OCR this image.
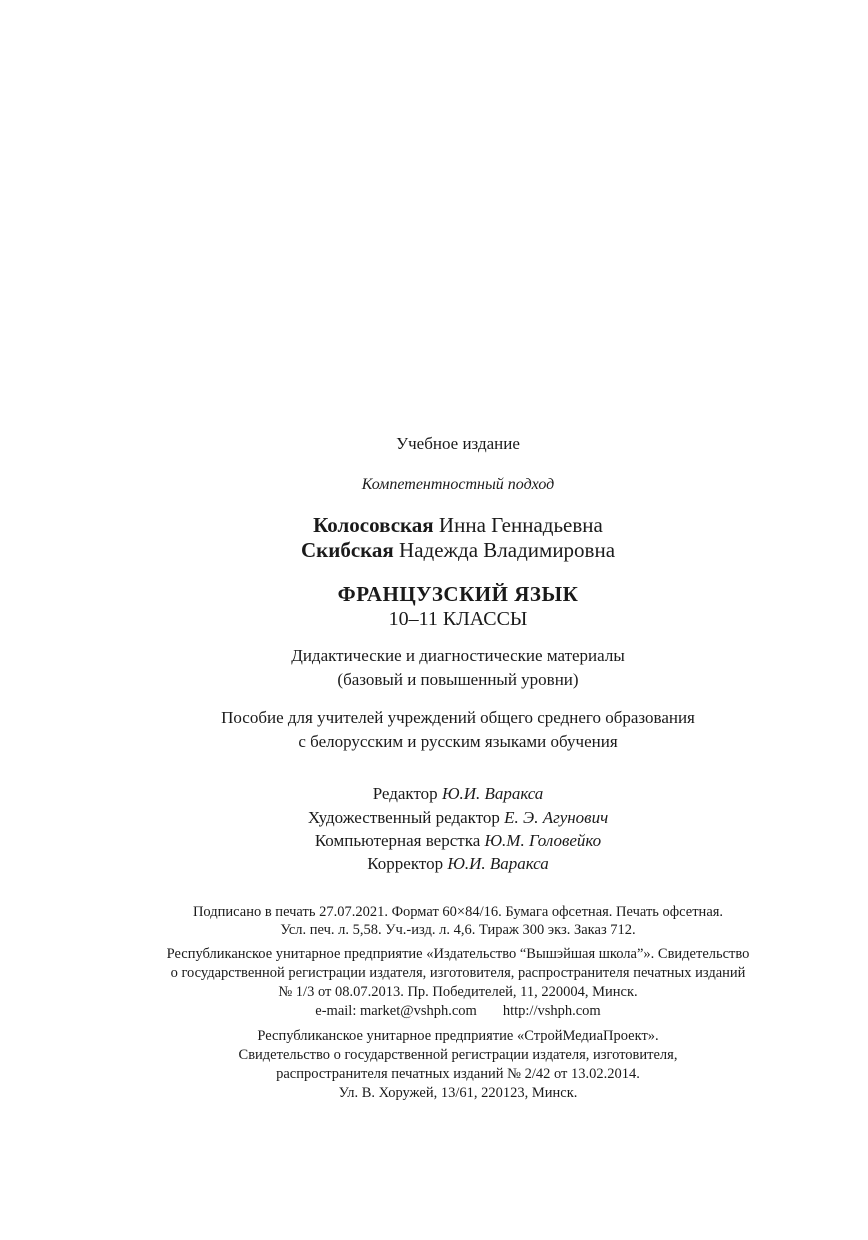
Учебное издание
Компетентностный подход
Колосовская Инна Геннадьевна
Скибская Надежда Владимировна
ФРАНЦУЗСКИЙ ЯЗЫК
10–11 КЛАССЫ
Дидактические и диагностические материалы
(базовый и повышенный уровни)
Пособие для учителей учреждений общего среднего образования
с белорусским и русским языками обучения
Редактор Ю.И. Варакса
Художественный редактор Е. Э. Агунович
Компьютерная верстка Ю.М. Головейко
Корректор Ю.И. Варакса
Подписано в печать 27.07.2021. Формат 60×84/16. Бумага офсетная. Печать офсетная.
Усл. печ. л. 5,58. Уч.-изд. л. 4,6. Тираж 300 экз. Заказ 712.
Республиканское унитарное предприятие «Издательство “Вышэйшая школа”». Свидетельство
о государственной регистрации издателя, изготовителя, распространителя печатных изданий
№ 1/3 от 08.07.2013. Пр. Победителей, 11, 220004, Минск.
e-mail: market@vshph.com http://vshph.com
Республиканское унитарное предприятие «СтройМедиаПроект».
Свидетельство о государственной регистрации издателя, изготовителя,
распространителя печатных изданий № 2/42 от 13.02.2014.
Ул. В. Хоружей, 13/61, 220123, Минск.
